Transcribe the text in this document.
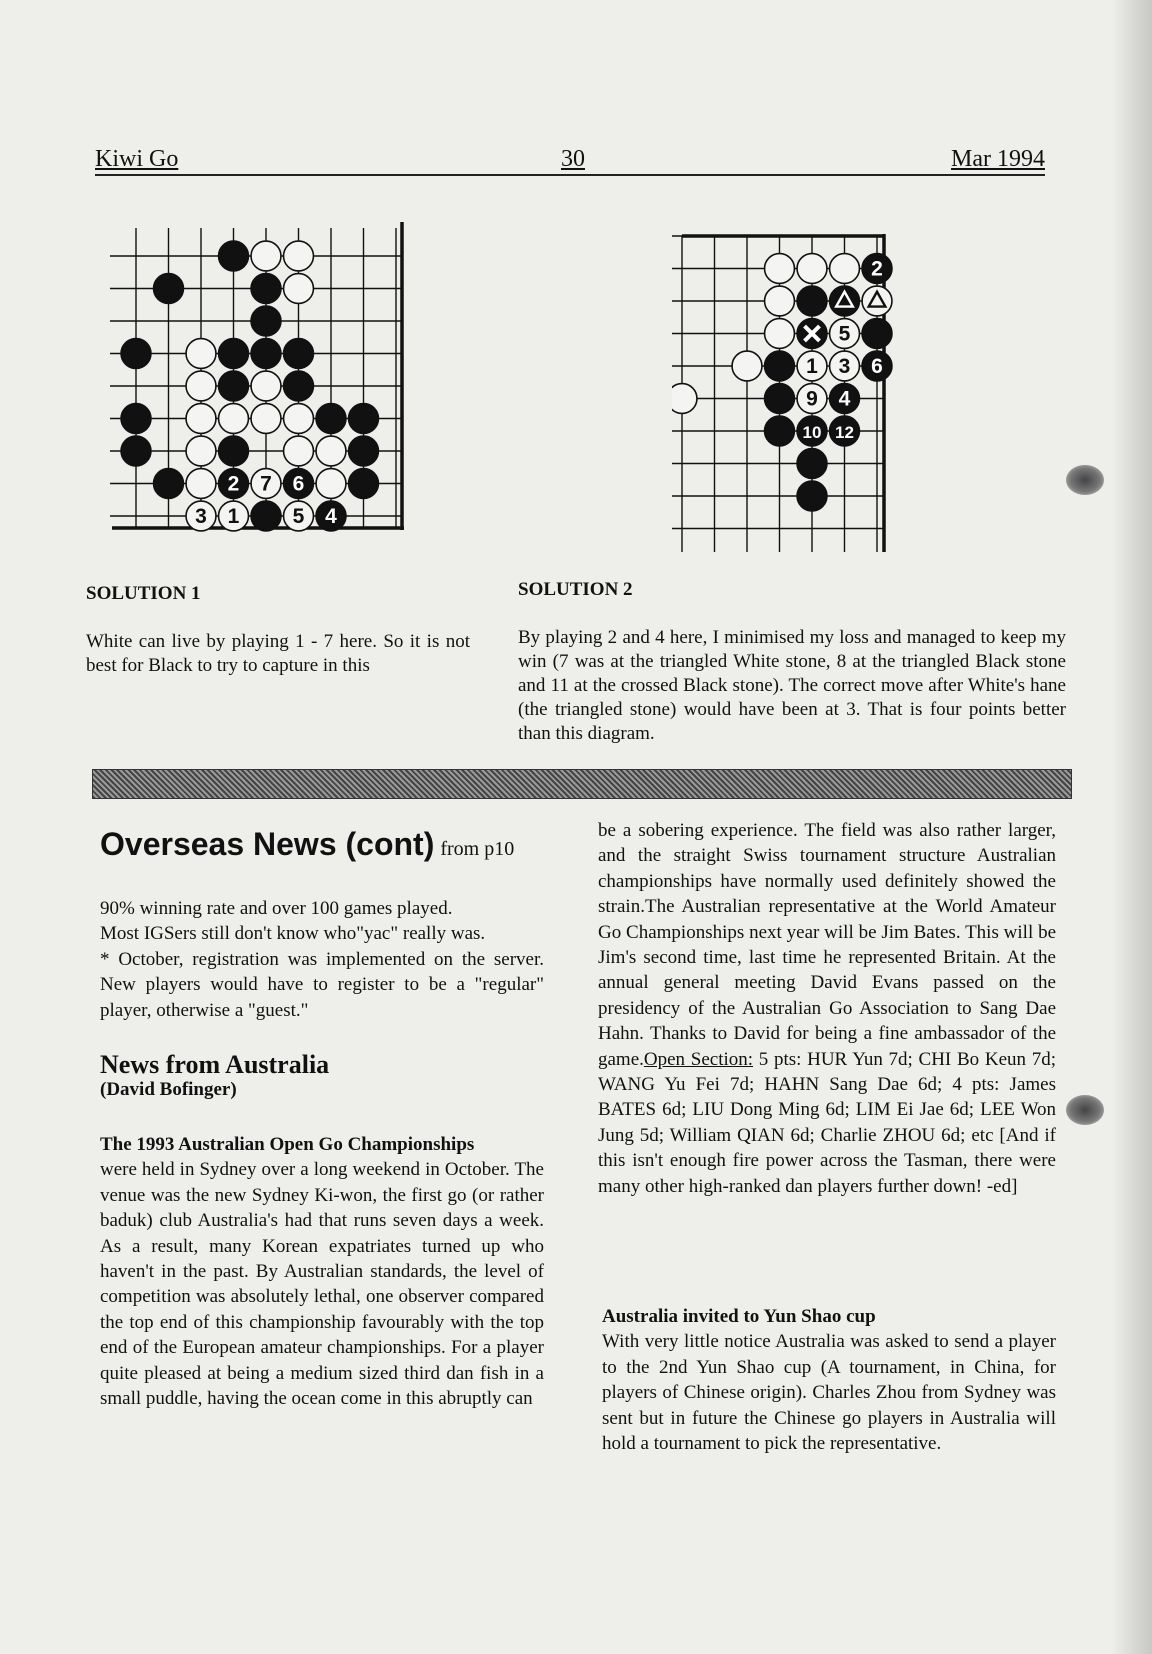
Kiwi Go	30	Mar 1994
2 7 6
3 1	5 4
2
5
1 3 6
9 4
10 12
SOLUTION 1
White can live by playing 1 - 7 here. So it is not best for Black to try to capture in this
SOLUTION 2
By playing 2 and 4 here, I minimised my loss and managed to keep my win (7 was at the triangled White stone, 8 at the triangled Black stone and 11 at the crossed Black stone). The correct move after White's hane (the triangled stone) would have been at 3. That is four points better than this diagram.
Overseas News (cont) from p10

90% winning rate and over 100 games played.

Most IGSers still don't know who"yac" really was.

* October, registration was implemented on the server. New players would have to register to be a "regular" player, otherwise a "guest."

News from Australia

(David Bofinger)

The 1993 Australian Open Go Championships

were held in Sydney over a long weekend in October. The venue was the new Sydney Ki-won, the first go (or rather baduk) club Australia's had that runs seven days a week. As a result, many Korean expatriates turned up who haven't in the past. By Australian standards, the level of competition was absolutely lethal, one observer compared the top end of this championship favourably with the top end of the European amateur championships. For a player quite pleased at being a medium sized third dan fish in a small puddle, having the ocean come in this abruptly can

be a sobering experience. The field was also rather larger, and the straight Swiss tournament structure Australian championships have normally used definitely showed the strain.The Australian representative at the World Amateur Go Championships next year will be Jim Bates. This will be Jim's second time, last time he represented Britain. At the annual general meeting David Evans passed on the presidency of the Australian Go Association to Sang Dae Hahn. Thanks to David for being a fine ambassador of the game.Open Section: 5 pts: HUR Yun 7d; CHI Bo Keun 7d; WANG Yu Fei 7d; HAHN Sang Dae 6d; 4 pts: James BATES 6d; LIU Dong Ming 6d; LIM Ei Jae 6d; LEE Won Jung 5d; William QIAN 6d; Charlie ZHOU 6d; etc [And if this isn't enough fire power across the Tasman, there were many other high-ranked dan players further down! -ed]

Australia invited to Yun Shao cup

With very little notice Australia was asked to send a player to the 2nd Yun Shao cup (A tournament, in China, for players of Chinese origin). Charles Zhou from Sydney was sent but in future the Chinese go players in Australia will hold a tournament to pick the representative.
